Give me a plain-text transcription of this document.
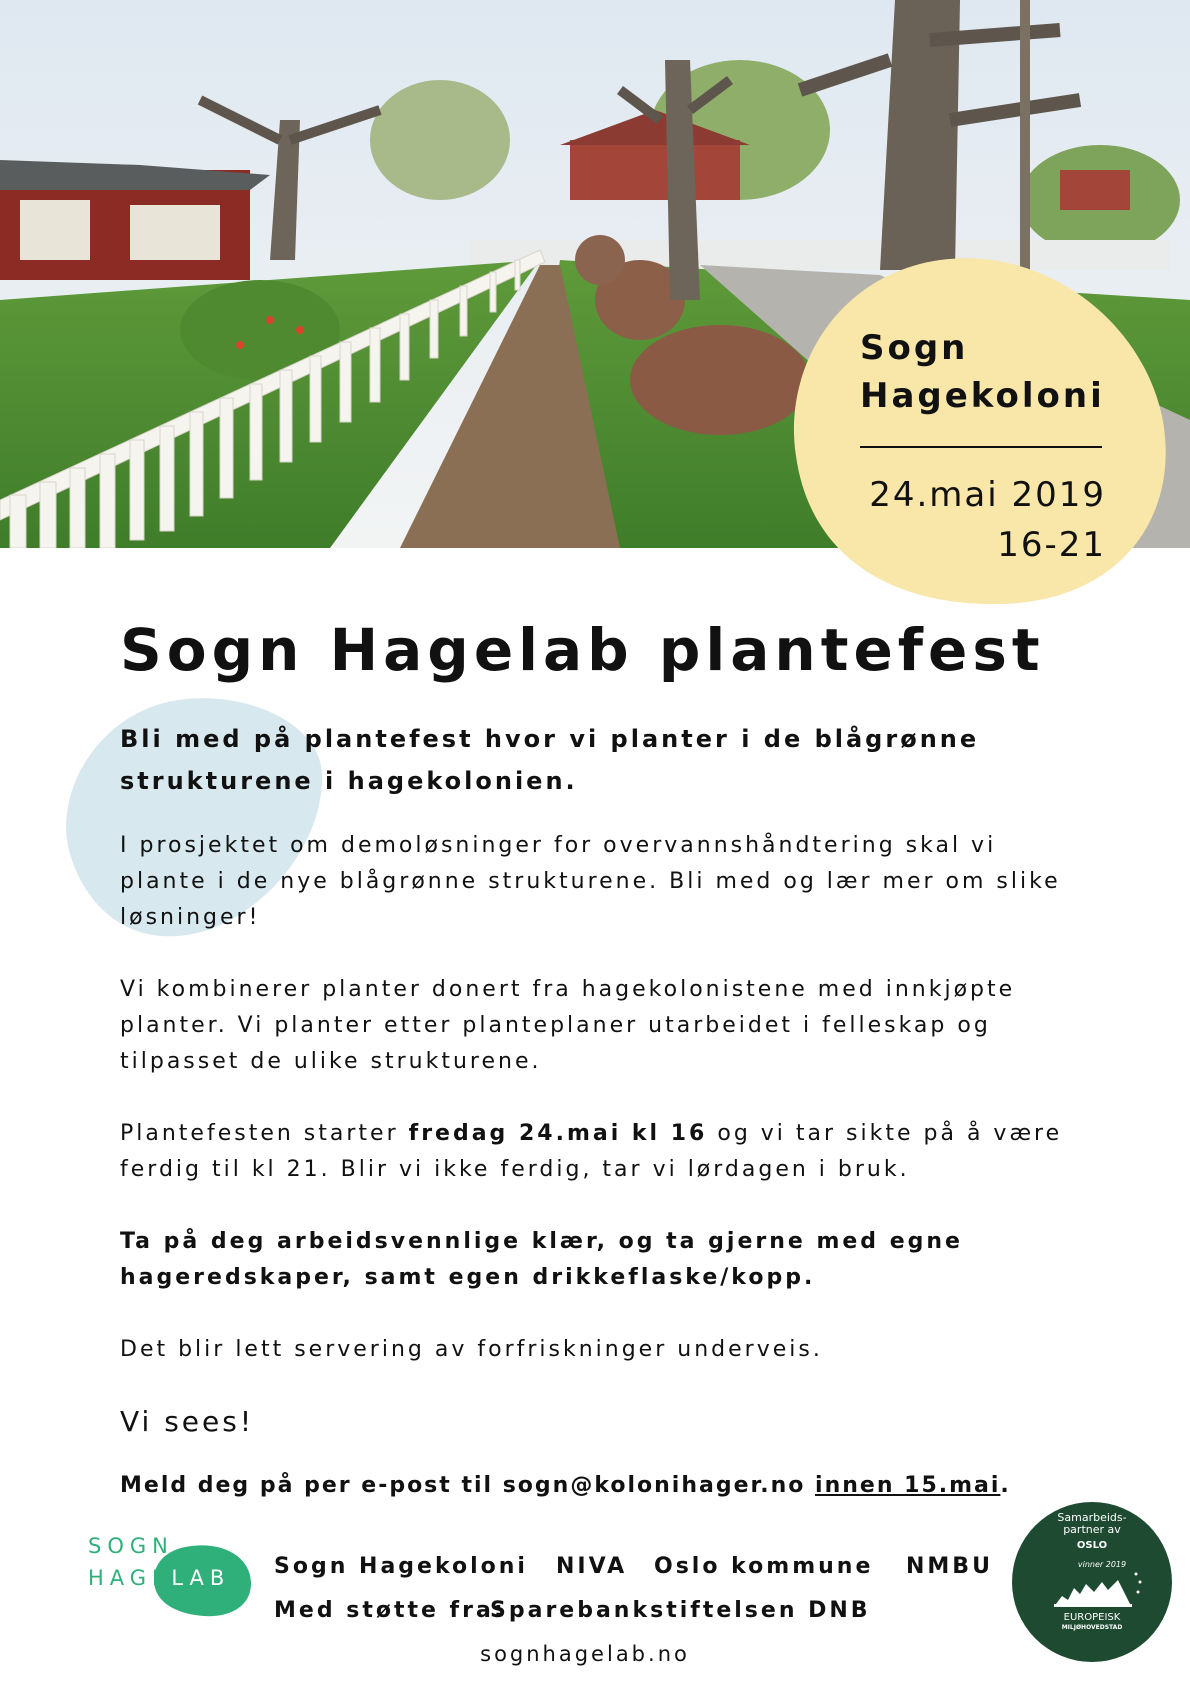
Sogn
Hagekoloni
24.mai 2019
16-21
Sogn Hagelab plantefest

Bli med på plantefest hvor vi planter i de blågrønne strukturene i hagekolonien.

I prosjektet om demoløsninger for overvannshåndtering skal vi plante i de nye blågrønne strukturene. Bli med og lær mer om slike løsninger!

Vi kombinerer planter donert fra hagekolonistene med innkjøpte planter. Vi planter etter planteplaner utarbeidet i felleskap og tilpasset de ulike strukturene.

Plantefesten starter fredag 24.mai kl 16 og vi tar sikte på å være ferdig til kl 21. Blir vi ikke ferdig, tar vi lørdagen i bruk.

Ta på deg arbeidsvennlige klær, og ta gjerne med egne hageredskaper, samt egen drikkeflaske/kopp.

Det blir lett servering av forfriskninger underveis.

Vi sees!

Meld deg på per e-post til sogn@kolonihager.no innen 15.mai.

SOGN
HAGELAB Sogn Hagekoloni NIVA Oslo kommune NMBU
Med støtte fra:Sparebankstiftelsen DNB
sognhagelab.no
Samarbeids-
partner av
OSLO
vinner 2019
EUROPEISK
MILJØHOVEDSTAD
